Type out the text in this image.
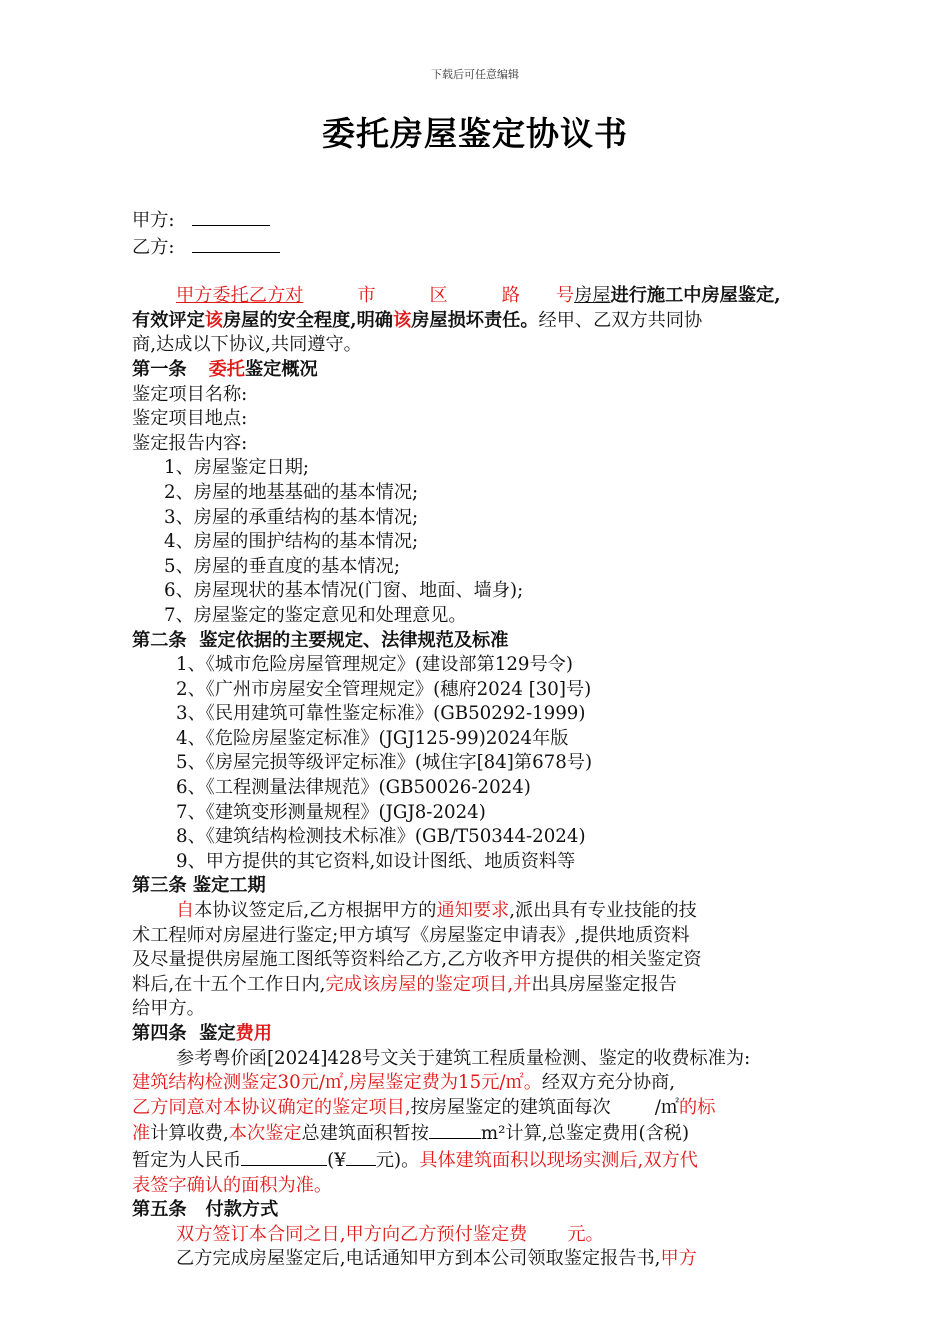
下载后可任意编辑
委托房屋鉴定协议书
甲方:
乙方:
甲方委托乙方对	市	区	路 号房屋进行施工中房屋鉴定,
有效评定该房屋的安全程度,明确该房屋损坏责任。经甲、乙双方共同协
商,达成以下协议,共同遵守。
第一条 委托鉴定概况
鉴定项目名称:
鉴定项目地点:
鉴定报告内容:
1、房屋鉴定日期;
2、房屋的地基基础的基本情况;
3、房屋的承重结构的基本情况;
4、房屋的围护结构的基本情况;
5、房屋的垂直度的基本情况;
6、房屋现状的基本情况(门窗、地面、墙身);
7、房屋鉴定的鉴定意见和处理意见。
第二条  鉴定依据的主要规定、法律规范及标准
1、《城市危险房屋管理规定》(建设部第129号令)
2、《广州市房屋安全管理规定》(穗府2024 [30]号)
3、《民用建筑可靠性鉴定标准》(GB50292-1999)
4、《危险房屋鉴定标准》(JGJ125-99)2024年版
5、《房屋完损等级评定标准》(城住字[84]第678号)
6、《工程测量法律规范》(GB50026-2024)
7、《建筑变形测量规程》(JGJ8-2024)
8、《建筑结构检测技术标准》(GB/T50344-2024)
9、甲方提供的其它资料,如设计图纸、地质资料等
第三条 鉴定工期
自本协议签定后,乙方根据甲方的通知要求,派出具有专业技能的技
术工程师对房屋进行鉴定;甲方填写《房屋鉴定申请表》,提供地质资料
及尽量提供房屋施工图纸等资料给乙方,乙方收齐甲方提供的相关鉴定资
料后,在十五个工作日内,完成该房屋的鉴定项目,并出具房屋鉴定报告
给甲方。
第四条  鉴定费用
参考粤价函[2024]428号文关于建筑工程质量检测、鉴定的收费标准为:
建筑结构检测鉴定30元/㎡,房屋鉴定费为15元/㎡。经双方充分协商,
乙方同意对本协议确定的鉴定项目,按房屋鉴定的建筑面每次 /㎡的标
准计算收费,本次鉴定总建筑面积暂按	m²计算,总鉴定费用(含税)
暂定为人民币	(¥ 元)。具体建筑面积以现场实测后,双方代
表签字确认的面积为准。
第五条   付款方式
双方签订本合同之日,甲方向乙方预付鉴定费 元。
乙方完成房屋鉴定后,电话通知甲方到本公司领取鉴定报告书,甲方
